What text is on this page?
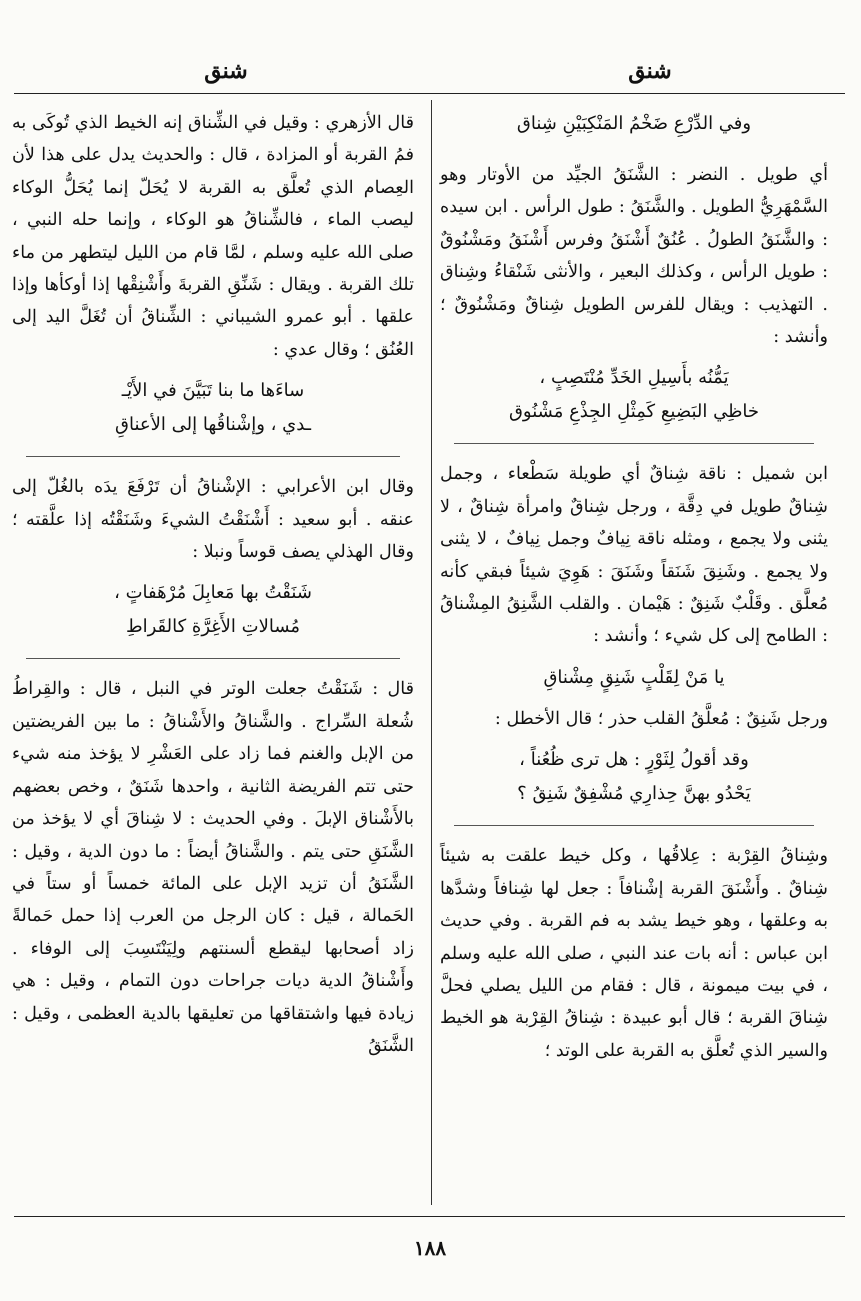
شنق
شنق
وفي الدِّرْعِ ضَخْمُ المَنْكِبَيْنِ شِناق

أي طويل . النضر : الشَّنَقُ الجيِّد من الأوتار وهو السَّمْهَرِيُّ الطويل . والشَّنَقُ : طول الرأس . ابن سيده : والشَّنَقُ الطولُ . عُنُقٌ أَشْنَقُ وفرس أَشْنَقُ ومَشْنُوقٌ : طويل الرأس ، وكذلك البعير ، والأنثى شَنْقاءُ وشِناق . التهذيب : ويقال للفرس الطويل شِناقٌ ومَشْنُوقٌ ؛ وأنشد :

يَمُّنُه بأَسِيلِ الخَدِّ مُنْتَصِبٍ ،
خاظِي البَضِيعِ كَمِثْلِ الجِذْعِ مَشْنُوق

ابن شميل : ناقة شِناقٌ أي طويلة سَطْعاء ، وجمل شِناقٌ طويل في دِقَّة ، ورجل شِناقٌ وامرأة شِناقٌ ، لا يثنى ولا يجمع ، ومثله ناقة نِيافٌ وجمل نِيافٌ ، لا يثنى ولا يجمع . وشَنِقَ شَنَقاً وشَنَقَ : هَوِيَ شيئاً فبقي كأنه مُعلَّق . وقَلْبٌ شَنِقٌ : هَيْمان . والقلب الشَّنِقُ المِشْناقُ : الطامح إلى كل شيء ؛ وأنشد :

يا مَنْ لِقَلْبٍ شَنِقٍ مِشْناقِ

ورجل شَنِقٌ : مُعلَّقُ القلب حذر ؛ قال الأخطل :

وقد أقولُ لِثَوْرٍ : هل ترى ظُعُناً ،
يَحْدُو بهنَّ حِذارِي مُشْفِقٌ شَنِقُ ؟

وشِناقُ القِرْبة : عِلاقُها ، وكل خيط علقت به شيئاً شِناقٌ . وأَشْنَقَ القربة إشْنافاً : جعل لها شِنافاً وشدَّها به وعلقها ، وهو خيط يشد به فم القربة . وفي حديث ابن عباس : أنه بات عند النبي ، صلى الله عليه وسلم ، في بيت ميمونة ، قال : فقام من الليل يصلي فحلَّ شِناقَ القربة ؛ قال أبو عبيدة : شِناقُ القِرْبة هو الخيط والسير الذي تُعلَّق به القربة على الوتد ؛

قال الأزهري : وقيل في الشِّناق إنه الخيط الذي تُوكَى به فمُ القربة أو المزادة ، قال : والحديث يدل على هذا لأن العِصام الذي تُعلَّق به القربة لا يُحَلّ إنما يُحَلُّ الوكاء ليصب الماء ، فالشِّناقُ هو الوكاء ، وإنما حله النبي ، صلى الله عليه وسلم ، لمَّا قام من الليل ليتطهر من ماء تلك القربة . ويقال : شَنِّقِ القربةَ وأَشْنِقْها إذا أوكأها وإذا علقها . أبو عمرو الشيباني : الشِّناقُ أن تُغَلَّ اليد إلى العُنُق ؛ وقال عدي :

ساءَها ما بنا تَبَيَّنَ في الأَيْـ
ـدي ، وإشْناقُها إلى الأعناقِ

وقال ابن الأعرابي : الإشْناقُ أن تَرْفَعَ يدَه بالغُلّ إلى عنقه . أبو سعيد : أَشْنَقْتُ الشيءَ وشَنَقْتُه إذا علَّقته ؛ وقال الهذلي يصف قوساً ونبلا :

شَنَقْتُ بها مَعابِلَ مُرْهَفاتٍ ،
مُسالاتِ الأَغِرَّةِ كالقَراطِ

قال : شَنَقْتُ جعلت الوتر في النبل ، قال : والقِراطُ شُعلة السِّراج . والشَّناقُ والأَشْناقُ : ما بين الفريضتين من الإبل والغنم فما زاد على العَشْرِ لا يؤخذ منه شيء حتى تتم الفريضة الثانية ، واحدها شَنَقٌ ، وخص بعضهم بالأَشْناق الإبلَ . وفي الحديث : لا شِناقَ أي لا يؤخذ من الشَّنَقِ حتى يتم . والشَّناقُ أيضاً : ما دون الدية ، وقيل : الشَّنَقُ أن تزيد الإبل على المائة خمساً أو ستاً في الحَمالة ، قيل : كان الرجل من العرب إذا حمل حَمالةً زاد أصحابها ليقطع ألسنتهم ولِيَنْتَسِبَ إلى الوفاء . وأَشْناقُ الدية ديات جراحات دون التمام ، وقيل : هي زيادة فيها واشتقاقها من تعليقها بالدية العظمى ، وقيل : الشَّنَقُ

١٨٨
